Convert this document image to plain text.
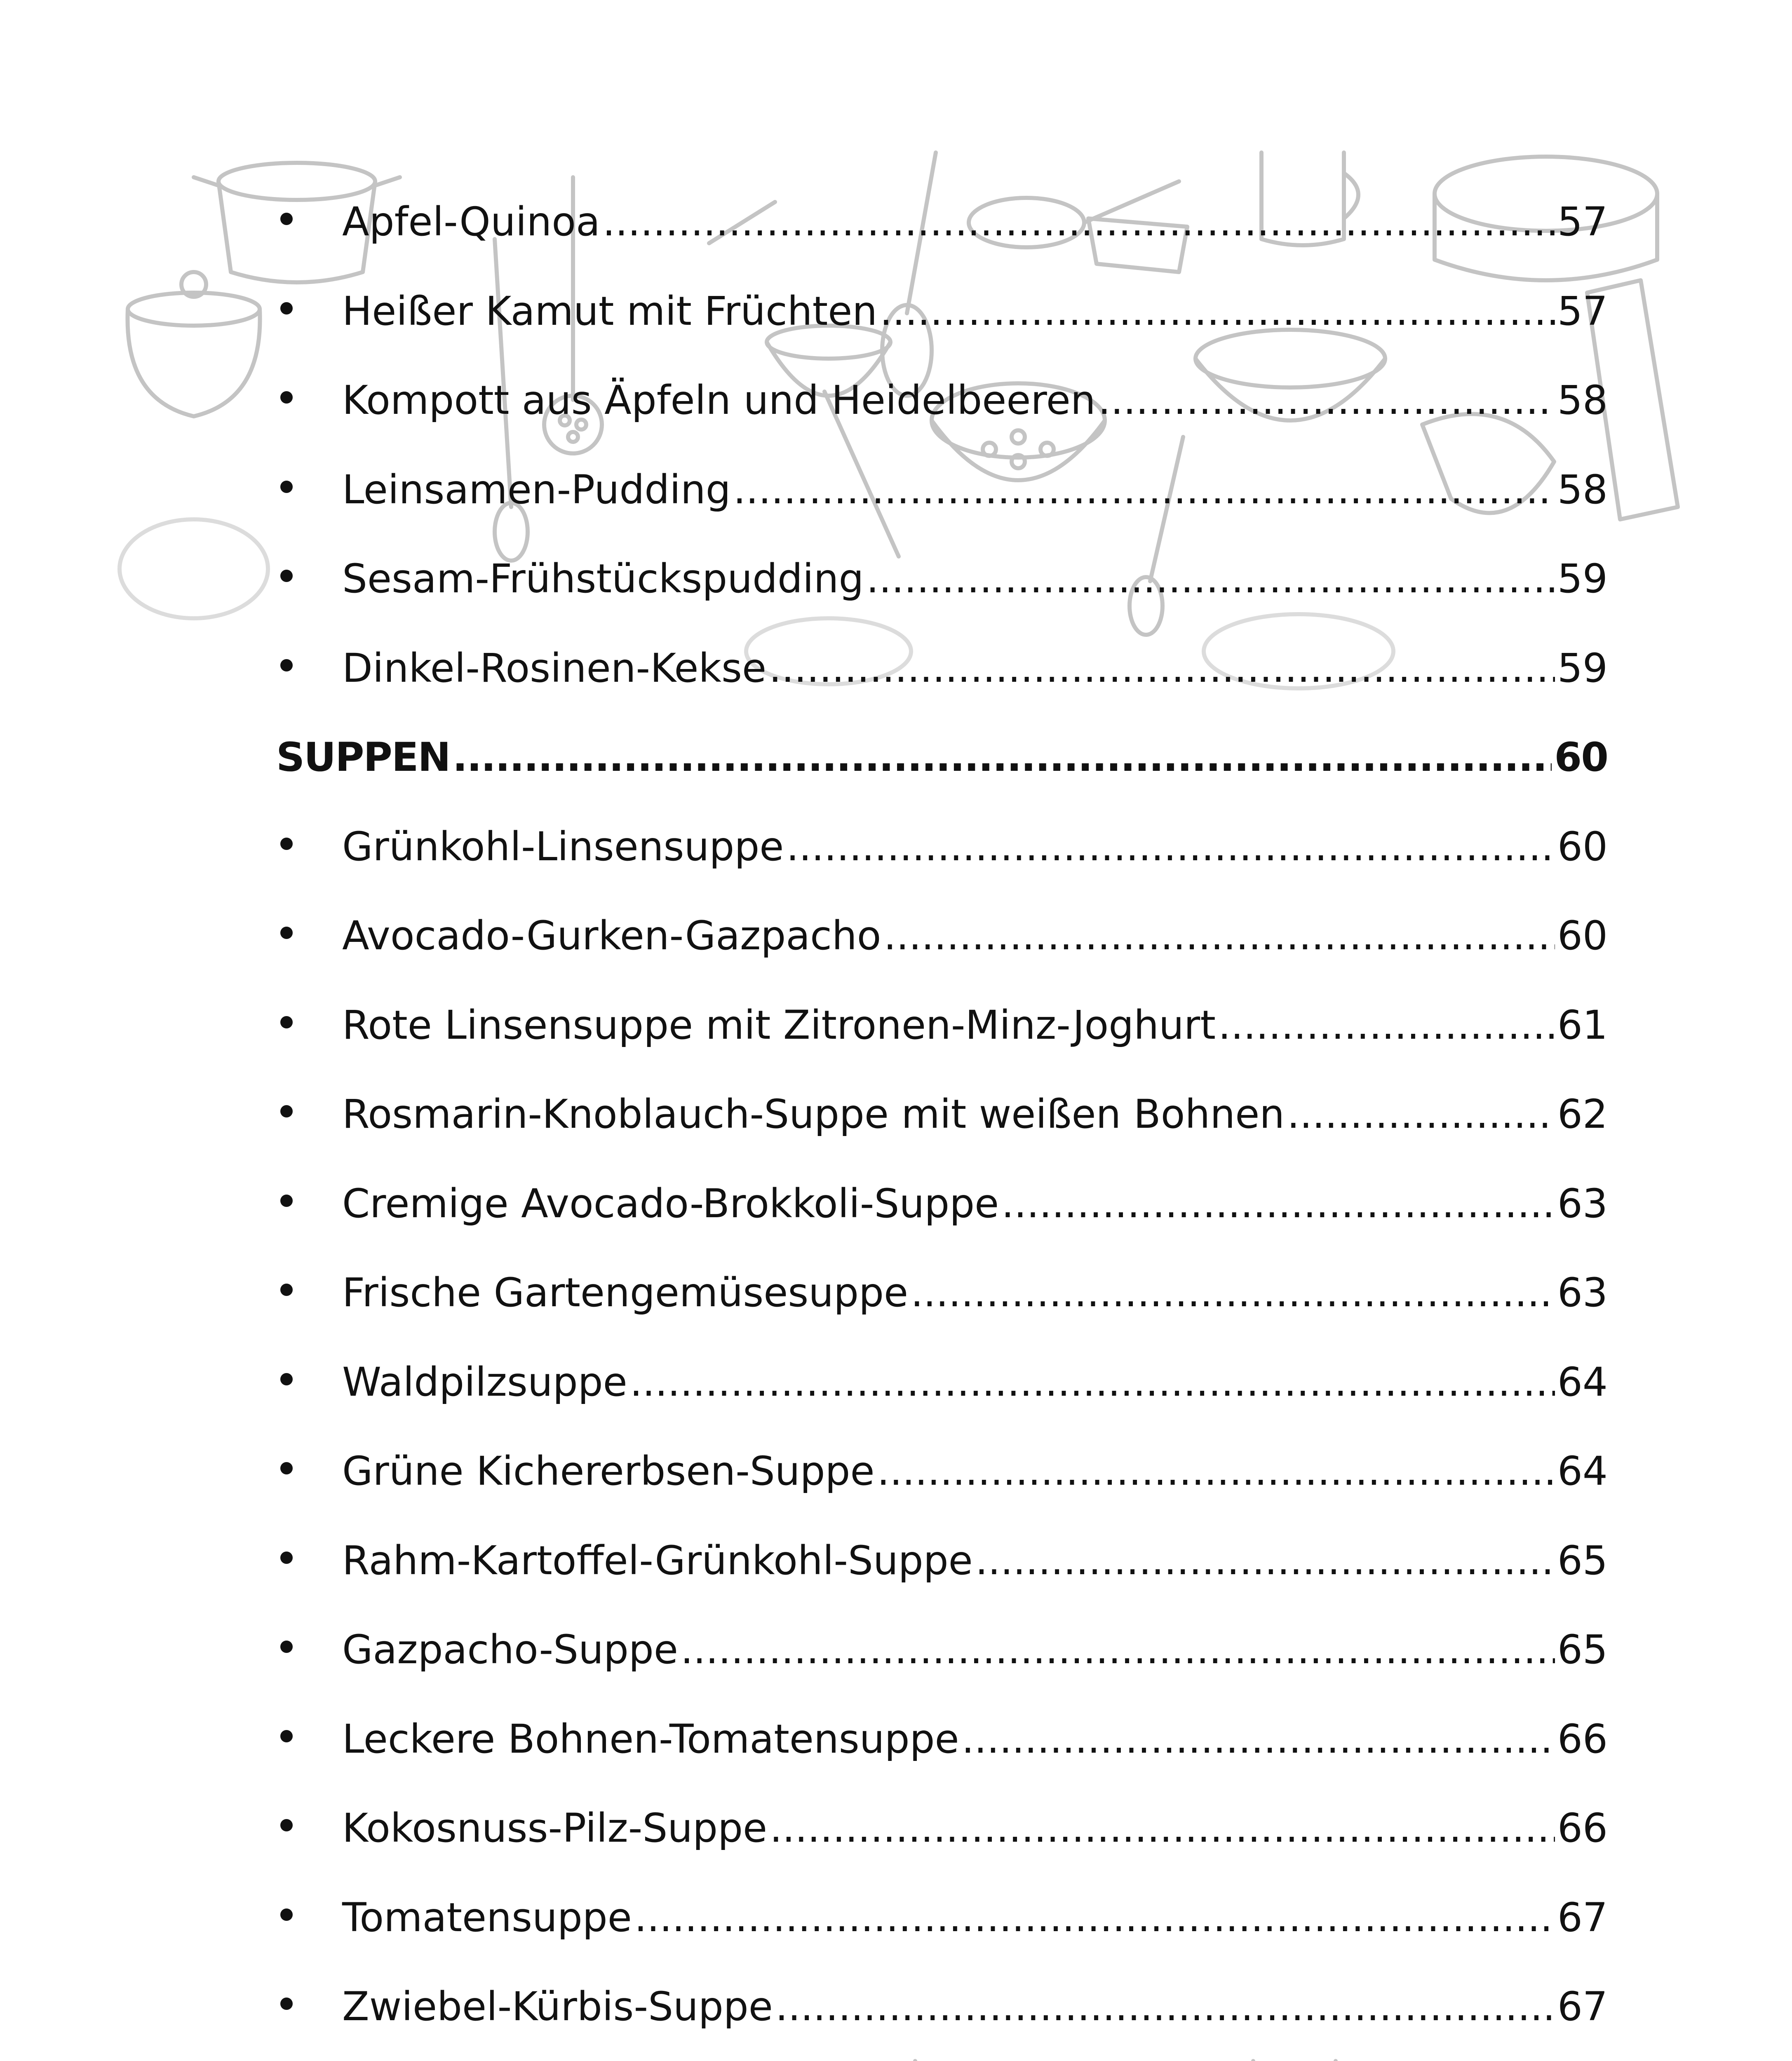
Apfel-Quinoa .....	57
Heißer Kamut mit Früchten .....	57
Kompott aus Äpfeln und Heidelbeeren .....	58
Leinsamen-Pudding .....	58
Sesam-Frühstückspudding .....	59
Dinkel-Rosinen-Kekse .....	59
SUPPEN .....	60
Grünkohl-Linsensuppe .....	60
Avocado-Gurken-Gazpacho .....	60
Rote Linsensuppe mit Zitronen-Minz-Joghurt .....	61
Rosmarin-Knoblauch-Suppe mit weißen Bohnen .....	62
Cremige Avocado-Brokkoli-Suppe .....	63
Frische Gartengemüsesuppe .....	63
Waldpilzsuppe .....	64
Grüne Kichererbsen-Suppe .....	64
Rahm-Kartoffel-Grünkohl-Suppe .....	65
Gazpacho-Suppe .....	65
Leckere Bohnen-Tomatensuppe .....	66
Kokosnuss-Pilz-Suppe .....	66
Tomatensuppe .....	67
Zwiebel-Kürbis-Suppe .....	67
